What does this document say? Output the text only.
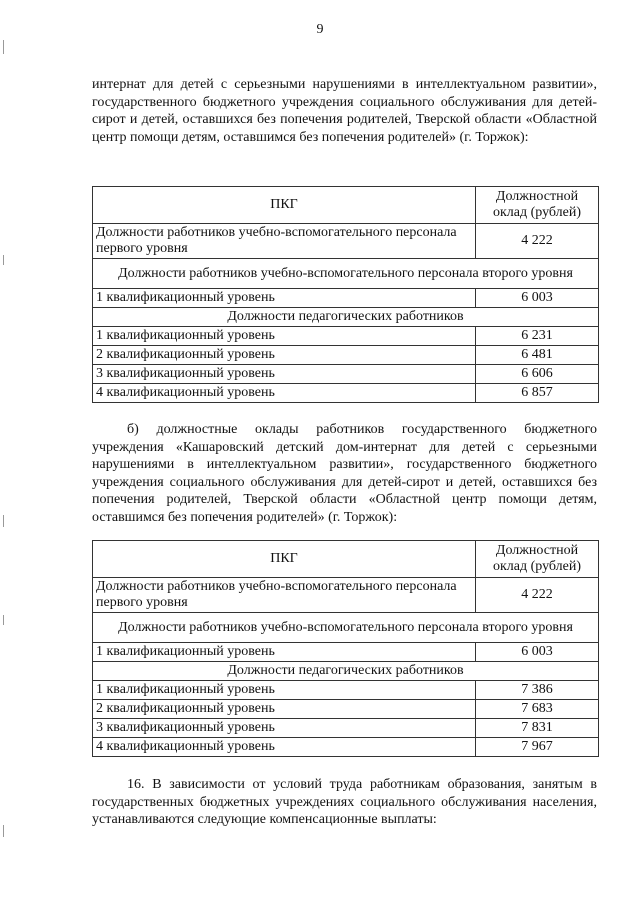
9

интернат для детей с серьезными нарушениями в интеллектуальном развитии», государственного бюджетного учреждения социального обслуживания для детей-сирот и детей, оставшихся без попечения родителей, Тверской области «Областной центр помощи детям, оставшимся без попечения родителей» (г. Торжок):

ПКГ	Должностной оклад (рублей)
Должности работников учебно-вспомогательного персонала первого уровня	4 222
Должности работников учебно-вспомогательного персонала второго уровня	
1 квалификационный уровень	6 003
Должности педагогических работников	
1 квалификационный уровень	6 231
2 квалификационный уровень	6 481
3 квалификационный уровень	6 606
4 квалификационный уровень	6 857

б) должностные оклады работников государственного бюджетного учреждения «Кашаровский детский дом-интернат для детей с серьезными нарушениями в интеллектуальном развитии», государственного бюджетного учреждения социального обслуживания для детей-сирот и детей, оставшихся без попечения родителей, Тверской области «Областной центр помощи детям, оставшимся без попечения родителей» (г. Торжок):

ПКГ	Должностной оклад (рублей)
Должности работников учебно-вспомогательного персонала первого уровня	4 222
Должности работников учебно-вспомогательного персонала второго уровня	
1 квалификационный уровень	6 003
Должности педагогических работников	
1 квалификационный уровень	7 386
2 квалификационный уровень	7 683
3 квалификационный уровень	7 831
4 квалификационный уровень	7 967

16. В зависимости от условий труда работникам образования, занятым в государственных бюджетных учреждениях социального обслуживания населения, устанавливаются следующие компенсационные выплаты:
